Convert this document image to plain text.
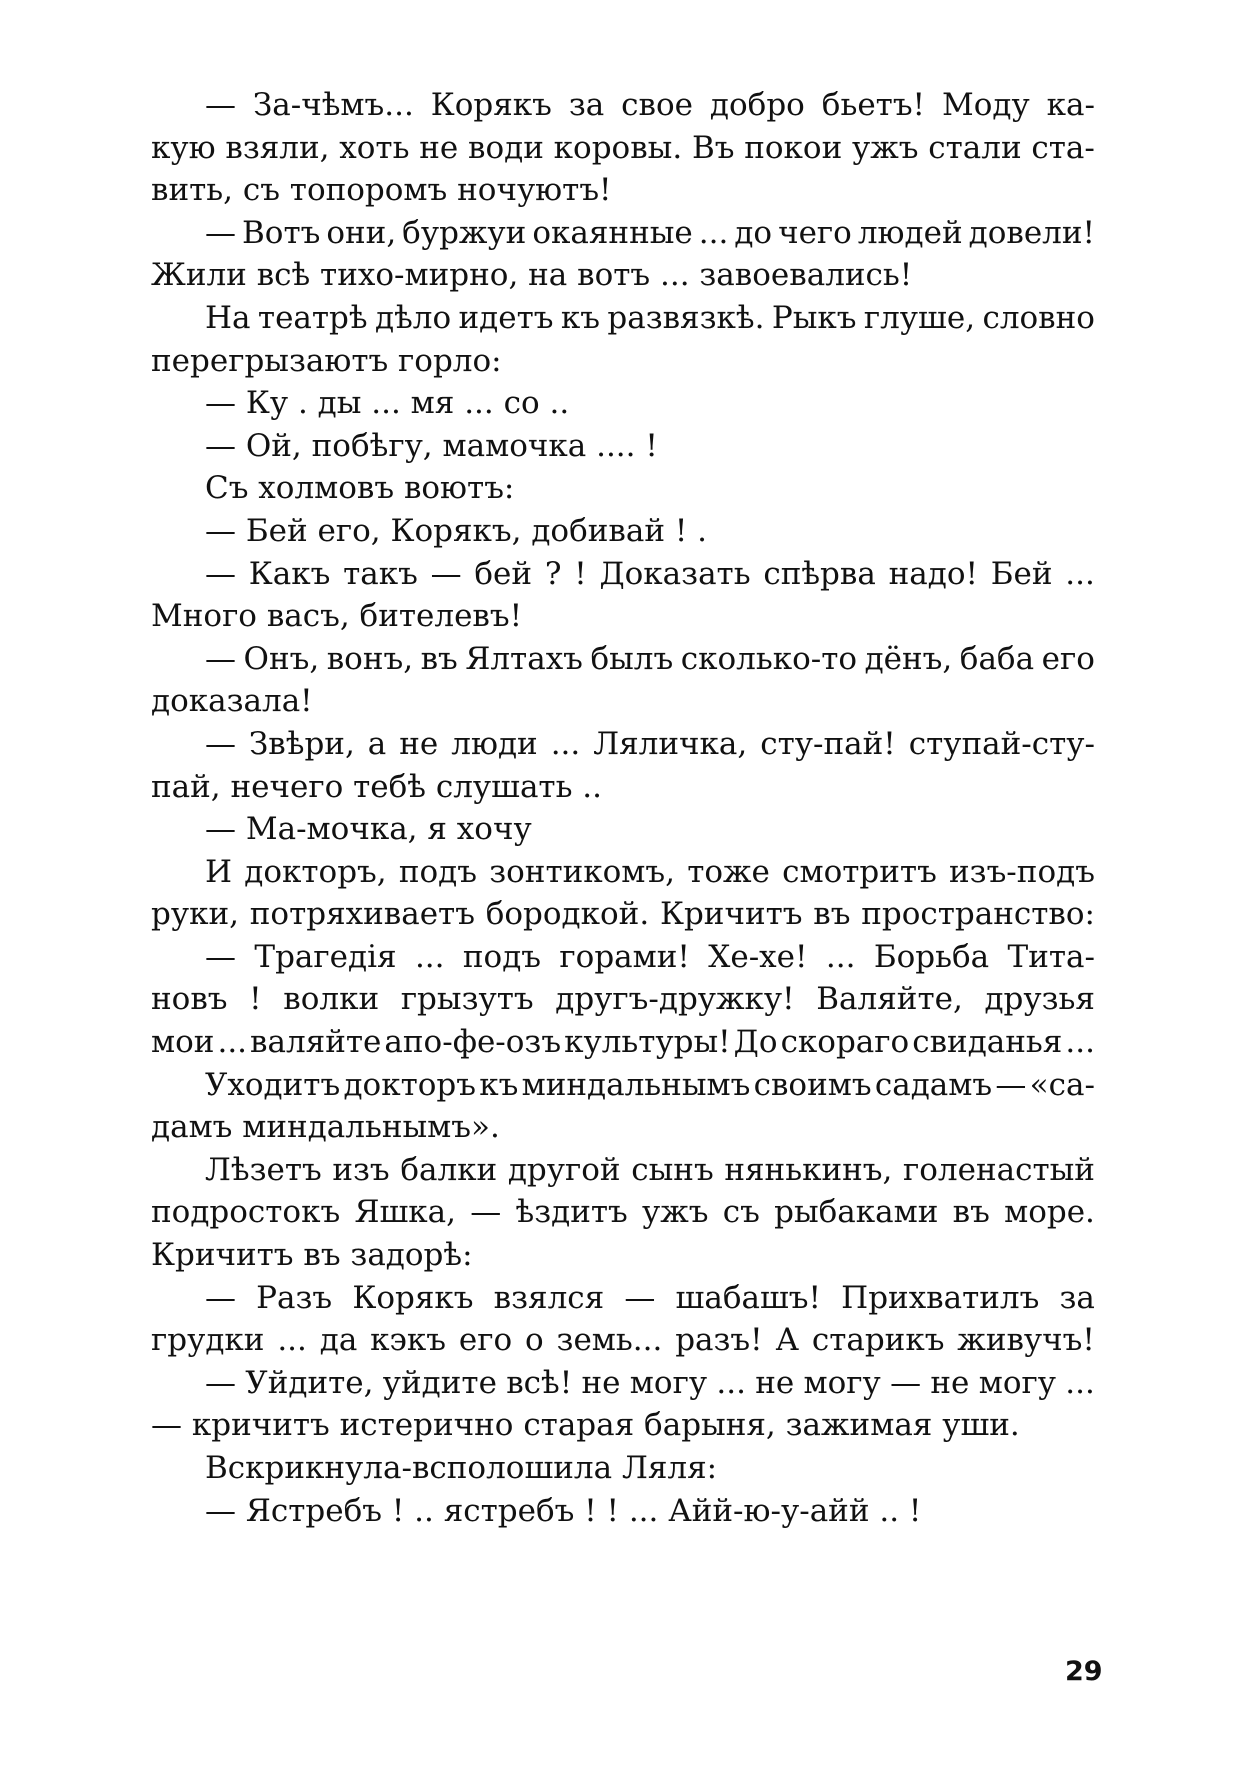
— За-чѣмъ... Корякъ за свое добро бьетъ! Моду ка-
кую взяли, хоть не води коровы. Въ покои ужъ стали ста-
вить, съ топоромъ ночуютъ!
— Вотъ они, буржуи окаянные ... до чего людей довели!
Жили всѣ тихо-мирно, на вотъ ... завоевались!
На театрѣ дѣло идетъ къ развязкѣ. Рыкъ глуше, словно
перегрызаютъ горло:
— Ку . ды ... мя ... со ..
— Ой, побѣгу, мамочка .... !
Съ холмовъ воютъ:
— Бей его, Корякъ, добивай ! .
— Какъ такъ — бей ? ! Доказать спѣрва надо! Бей ...
Много васъ, бителевъ!
— Онъ, вонъ, въ Ялтахъ былъ сколько-то дёнъ, баба его
доказала!
— Звѣри, а не люди ... Ляличка, сту-пай! ступай-сту-
пай, нечего тебѣ слушать ..
— Ма-мочка, я хочу
И докторъ, подъ зонтикомъ, тоже смотритъ изъ-подъ
руки, потряхиваетъ бородкой. Кричитъ въ пространство:
— Трагедія ... подъ горами! Хе-хе! ... Борьба Тита-
новъ ! волки грызутъ другъ-дружку! Валяйте, друзья
мои ... валяйте апо-фе-озъ культуры! До скораго свиданья ...
Уходитъ докторъ къ миндальнымъ своимъ садамъ — «са-
дамъ миндальнымъ».
Лѣзетъ изъ балки другой сынъ нянькинъ, голенастый
подростокъ Яшка, — ѣздитъ ужъ съ рыбаками въ море.
Кричитъ въ задорѣ:
— Разъ Корякъ взялся — шабашъ! Прихватилъ за
грудки ... да кэкъ его о земь... разъ! А старикъ живучъ!
— Уйдите, уйдите всѣ! не могу ... не могу — не могу ...
— кричитъ истерично старая барыня, зажимая уши.
Вскрикнула-всполошила Ляля:
— Ястребъ ! .. ястребъ ! ! ... Айй-ю-у-айй .. !
29
